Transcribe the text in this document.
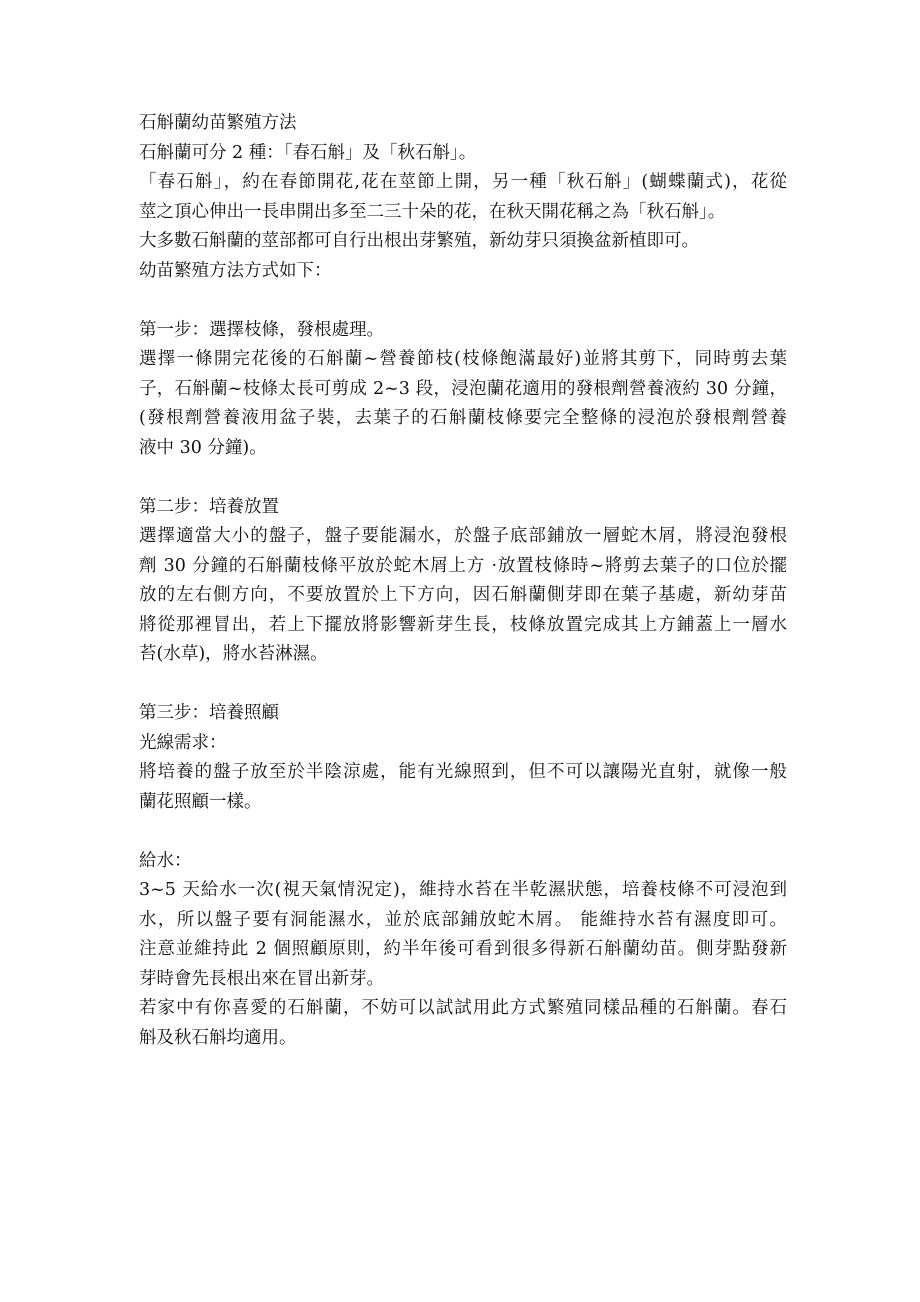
石斛蘭幼苗繁殖方法
石斛蘭可分 2 種：「春石斛」及「秋石斛」。
「春石斛」，約在春節開花,花在莖節上開，另一種「秋石斛」(蝴蝶蘭式)，花從
莖之頂心伸出一長串開出多至二三十朵的花，在秋天開花稱之為「秋石斛」。
大多數石斛蘭的莖部都可自行出根出芽繁殖，新幼芽只須換盆新植即可。
幼苗繁殖方法方式如下：
第一步：選擇枝條，發根處理。
選擇一條開完花後的石斛蘭~營養節枝(枝條飽滿最好)並將其剪下，同時剪去葉
子，石斛蘭~枝條太長可剪成 2~3 段，浸泡蘭花適用的發根劑營養液約 30 分鐘，
(發根劑營養液用盆子裝，去葉子的石斛蘭枝條要完全整條的浸泡於發根劑營養
液中 30 分鐘)。
第二步：培養放置
選擇適當大小的盤子，盤子要能漏水，於盤子底部鋪放一層蛇木屑，將浸泡發根
劑 30 分鐘的石斛蘭枝條平放於蛇木屑上方 ·放置枝條時~將剪去葉子的口位於擺
放的左右側方向，不要放置於上下方向，因石斛蘭側芽即在葉子基處，新幼芽苗
將從那裡冒出，若上下擺放將影響新芽生長，枝條放置完成其上方鋪蓋上一層水
苔(水草)，將水苔淋濕。
第三步：培養照顧
光線需求：
將培養的盤子放至於半陰涼處，能有光線照到，但不可以讓陽光直射，就像一般
蘭花照顧一樣。
給水：
3~5 天給水一次(視天氣情況定)，維持水苔在半乾濕狀態，培養枝條不可浸泡到
水，所以盤子要有洞能濕水，並於底部鋪放蛇木屑。 能維持水苔有濕度即可。
注意並維持此 2 個照顧原則，約半年後可看到很多得新石斛蘭幼苗。側芽點發新
芽時會先長根出來在冒出新芽。
若家中有你喜愛的石斛蘭，不妨可以試試用此方式繁殖同樣品種的石斛蘭。春石
斛及秋石斛均適用。
